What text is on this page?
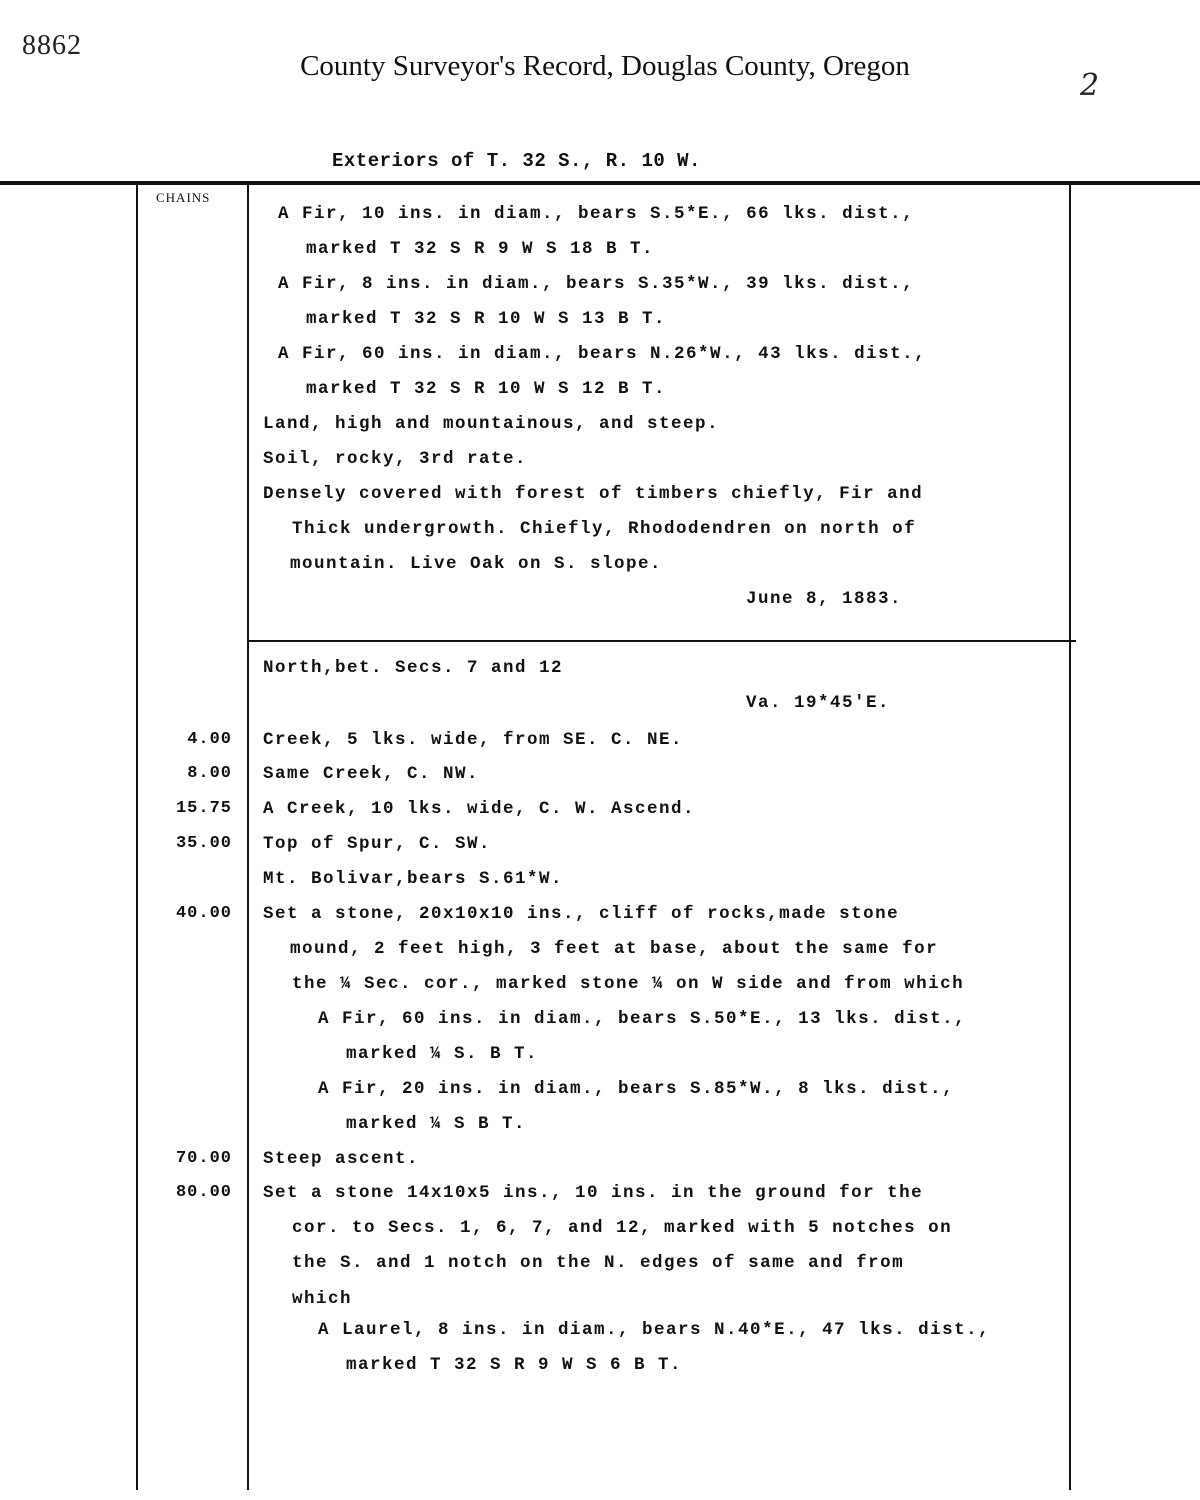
8862
County Surveyor's Record, Douglas County, Oregon
2
Exteriors of T. 32 S., R. 10 W.
CHAINS
A Fir, 10 ins. in diam., bears S.5*E., 66 lks. dist.,
marked T 32 S R 9 W S 18 B T.
A Fir, 8 ins. in diam., bears S.35*W., 39 lks. dist.,
marked T 32 S R 10 W S 13 B T.
A Fir, 60 ins. in diam., bears N.26*W., 43 lks. dist.,
marked T 32 S R 10 W S 12 B T.
Land, high and mountainous, and steep.
Soil, rocky, 3rd rate.
Densely covered with forest of timbers chiefly, Fir and
Thick undergrowth. Chiefly, Rhododendren on north of
mountain. Live Oak on S. slope.
June 8, 1883.
North,bet. Secs. 7 and 12
Va. 19*45'E.
4.00 Creek, 5 lks. wide, from SE. C. NE.
8.00 Same Creek, C. NW.
15.75 A Creek, 10 lks. wide, C. W. Ascend.
35.00 Top of Spur, C. SW.
Mt. Bolivar,bears S.61*W.
40.00 Set a stone, 20x10x10 ins., cliff of rocks,made stone
mound, 2 feet high, 3 feet at base, about the same for
the ¼ Sec. cor., marked stone ¼ on W side and from which
A Fir, 60 ins. in diam., bears S.50*E., 13 lks. dist.,
marked ¼ S. B T.
A Fir, 20 ins. in diam., bears S.85*W., 8 lks. dist.,
marked ¼ S B T.
70.00 Steep ascent.
80.00 Set a stone 14x10x5 ins., 10 ins. in the ground for the
cor. to Secs. 1, 6, 7, and 12, marked with 5 notches on
the S. and 1 notch on the N. edges of same and from
which
A Laurel, 8 ins. in diam., bears N.40*E., 47 lks. dist.,
marked T 32 S R 9 W S 6 B T.
